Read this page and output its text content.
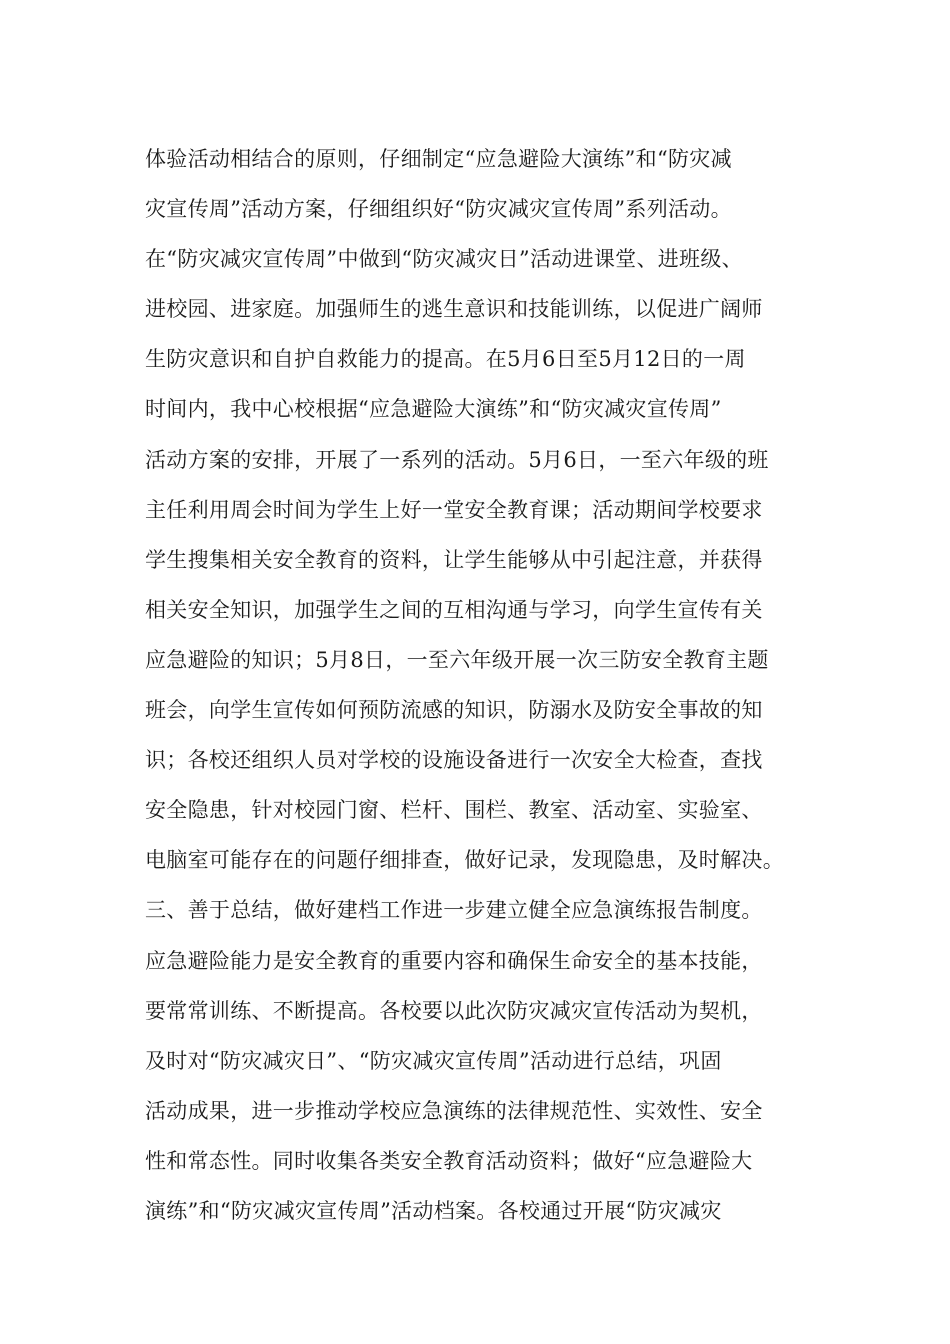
体验活动相结合的原则，仔细制定“应急避险大演练”和“防灾减
灾宣传周”活动方案，仔细组织好“防灾减灾宣传周”系列活动。
在“防灾减灾宣传周”中做到“防灾减灾日”活动进课堂、进班级、
进校园、进家庭。加强师生的逃生意识和技能训练，以促进广阔师
生防灾意识和自护自救能力的提高。在5月6日至5月12日的一周
时间内，我中心校根据“应急避险大演练”和“防灾减灾宣传周”
活动方案的安排，开展了一系列的活动。5月6日，一至六年级的班
主任利用周会时间为学生上好一堂安全教育课；活动期间学校要求
学生搜集相关安全教育的资料，让学生能够从中引起注意，并获得
相关安全知识，加强学生之间的互相沟通与学习，向学生宣传有关
应急避险的知识；5月8日，一至六年级开展一次三防安全教育主题
班会，向学生宣传如何预防流感的知识，防溺水及防安全事故的知
识；各校还组织人员对学校的设施设备进行一次安全大检查，查找
安全隐患，针对校园门窗、栏杆、围栏、教室、活动室、实验室、
电脑室可能存在的问题仔细排查，做好记录，发现隐患，及时解决。
三、善于总结，做好建档工作进一步建立健全应急演练报告制度。
应急避险能力是安全教育的重要内容和确保生命安全的基本技能，
要常常训练、不断提高。各校要以此次防灾减灾宣传活动为契机，
及时对“防灾减灾日”、“防灾减灾宣传周”活动进行总结，巩固
活动成果，进一步推动学校应急演练的法律规范性、实效性、安全
性和常态性。同时收集各类安全教育活动资料；做好“应急避险大
演练”和“防灾减灾宣传周”活动档案。各校通过开展“防灾减灾
